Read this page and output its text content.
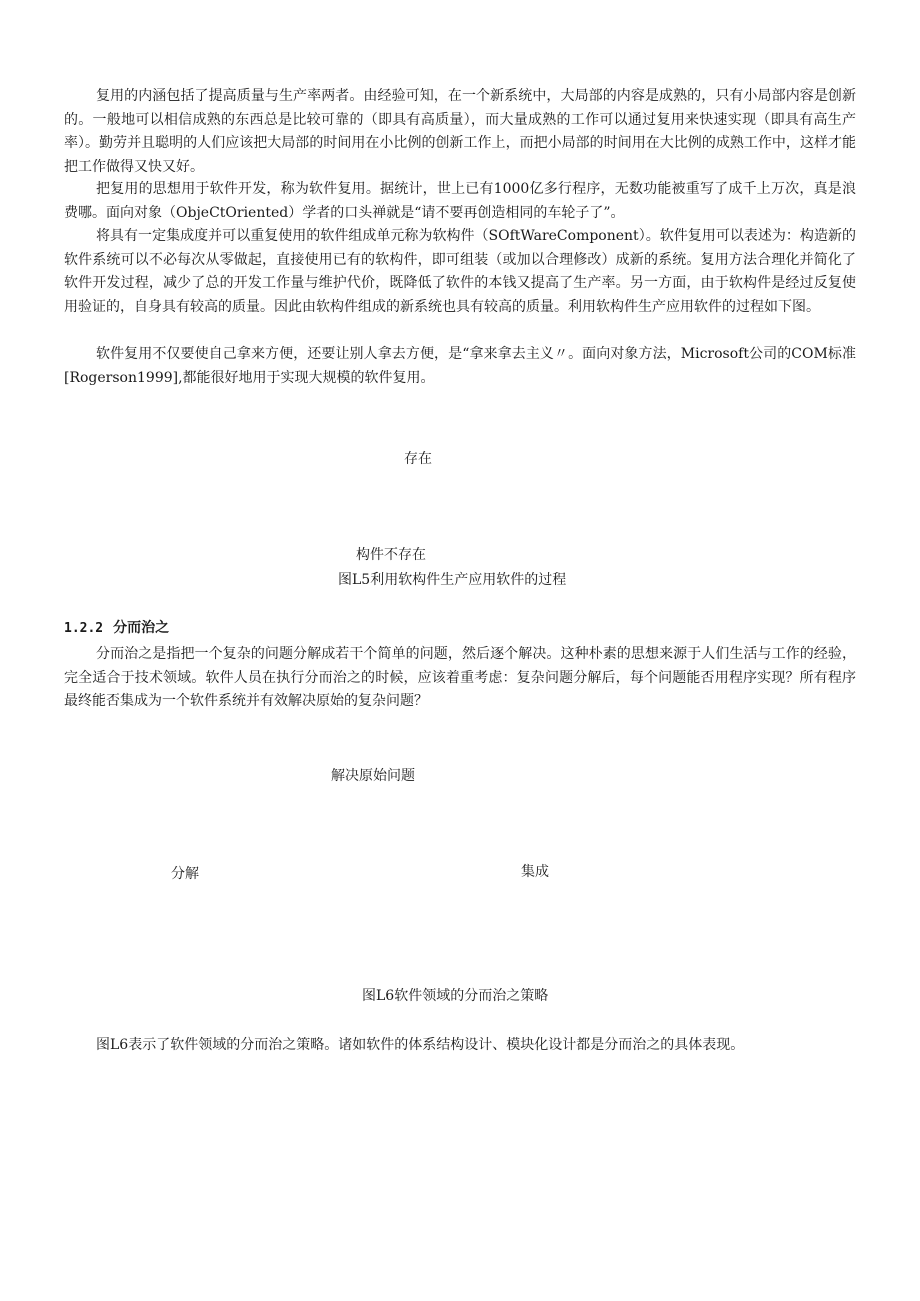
复用的内涵包括了提高质量与生产率两者。由经验可知，在一个新系统中，大局部的内容是成熟的，只有小局部内容是创新的。一般地可以相信成熟的东西总是比较可靠的（即具有高质量），而大量成熟的工作可以通过复用来快速实现（即具有高生产率）。勤劳并且聪明的人们应该把大局部的时间用在小比例的创新工作上，而把小局部的时间用在大比例的成熟工作中，这样才能把工作做得又快又好。

把复用的思想用于软件开发，称为软件复用。据统计，世上已有1000亿多行程序，无数功能被重写了成千上万次，真是浪费哪。面向对象（ObjeCtOriented）学者的口头禅就是“请不要再创造相同的车轮子了”。

将具有一定集成度并可以重复使用的软件组成单元称为软构件（SOftWareComponent）。软件复用可以表述为：构造新的软件系统可以不必每次从零做起，直接使用已有的软构件，即可组装（或加以合理修改）成新的系统。复用方法合理化并简化了软件开发过程，减少了总的开发工作量与维护代价，既降低了软件的本钱又提高了生产率。另一方面，由于软构件是经过反复使用验证的，自身具有较高的质量。因此由软构件组成的新系统也具有较高的质量。利用软构件生产应用软件的过程如下图。

软件复用不仅要使自己拿来方便，还要让别人拿去方便，是“拿来拿去主义〃。面向对象方法，Microsoft公司的COM标准[Rogerson1999],都能很好地用于实现大规模的软件复用。

存在

构件不存在

图L5利用软构件生产应用软件的过程

1.2.2 分而治之

分而治之是指把一个复杂的问题分解成若干个简单的问题，然后逐个解决。这种朴素的思想来源于人们生活与工作的经验，完全适合于技术领域。软件人员在执行分而治之的时候，应该着重考虑：复杂问题分解后，每个问题能否用程序实现？所有程序最终能否集成为一个软件系统并有效解决原始的复杂问题？

解决原始问题

分解	集成

图L6软件领域的分而治之策略

图L6表示了软件领域的分而治之策略。诸如软件的体系结构设计、模块化设计都是分而治之的具体表现。
